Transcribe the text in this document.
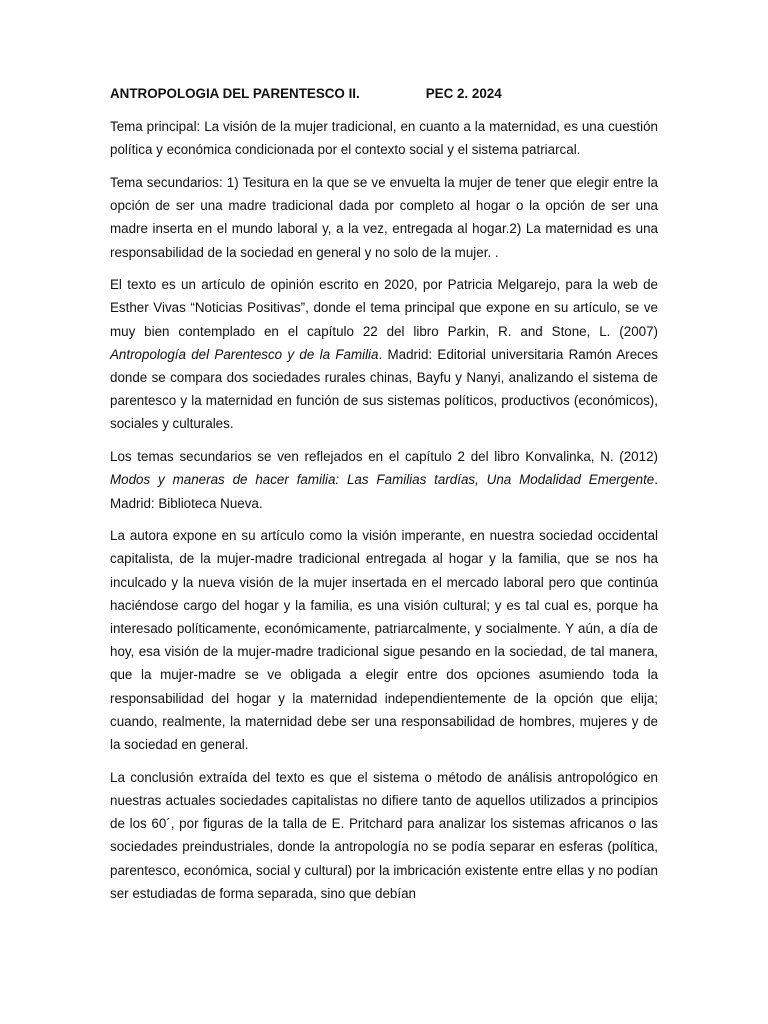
ANTROPOLOGIA DEL PARENTESCO II.	PEC 2. 2024

Tema principal: La visión de la mujer tradicional, en cuanto a la maternidad, es una cuestión política y económica condicionada por el contexto social y el sistema patriarcal.

Tema secundarios: 1) Tesitura en la que se ve envuelta la mujer de tener que elegir entre la opción de ser una madre tradicional dada por completo al hogar o la opción de ser una madre inserta en el mundo laboral y, a la vez, entregada al hogar.2) La maternidad es una responsabilidad de la sociedad en general y no solo de la mujer. .

El texto es un artículo de opinión escrito en 2020, por Patricia Melgarejo, para la web de Esther Vivas “Noticias Positivas”, donde el tema principal que expone en su artículo, se ve muy bien contemplado en el capítulo 22 del libro Parkin, R. and Stone, L. (2007) Antropología del Parentesco y de la Familia. Madrid: Editorial universitaria Ramón Areces donde se compara dos sociedades rurales chinas, Bayfu y Nanyi, analizando el sistema de parentesco y la maternidad en función de sus sistemas políticos, productivos (económicos), sociales y culturales.

Los temas secundarios se ven reflejados en el capítulo 2 del libro Konvalinka, N. (2012) Modos y maneras de hacer familia: Las Familias tardías, Una Modalidad Emergente. Madrid: Biblioteca Nueva.

La autora expone en su artículo como la visión imperante, en nuestra sociedad occidental capitalista, de la mujer-madre tradicional entregada al hogar y la familia, que se nos ha inculcado y la nueva visión de la mujer insertada en el mercado laboral pero que continúa haciéndose cargo del hogar y la familia, es una visión cultural; y es tal cual es, porque ha interesado políticamente, económicamente, patriarcalmente, y socialmente. Y aún, a día de hoy, esa visión de la mujer-madre tradicional sigue pesando en la sociedad, de tal manera, que la mujer-madre se ve obligada a elegir entre dos opciones asumiendo toda la responsabilidad del hogar y la maternidad independientemente de la opción que elija; cuando, realmente, la maternidad debe ser una responsabilidad de hombres, mujeres y de la sociedad en general.

La conclusión extraída del texto es que el sistema o método de análisis antropológico en nuestras actuales sociedades capitalistas no difiere tanto de aquellos utilizados a principios de los 60´, por figuras de la talla de E. Pritchard para analizar los sistemas africanos o las sociedades preindustriales, donde la antropología no se podía separar en esferas (política, parentesco, económica, social y cultural) por la imbricación existente entre ellas y no podían ser estudiadas de forma separada, sino que debían
